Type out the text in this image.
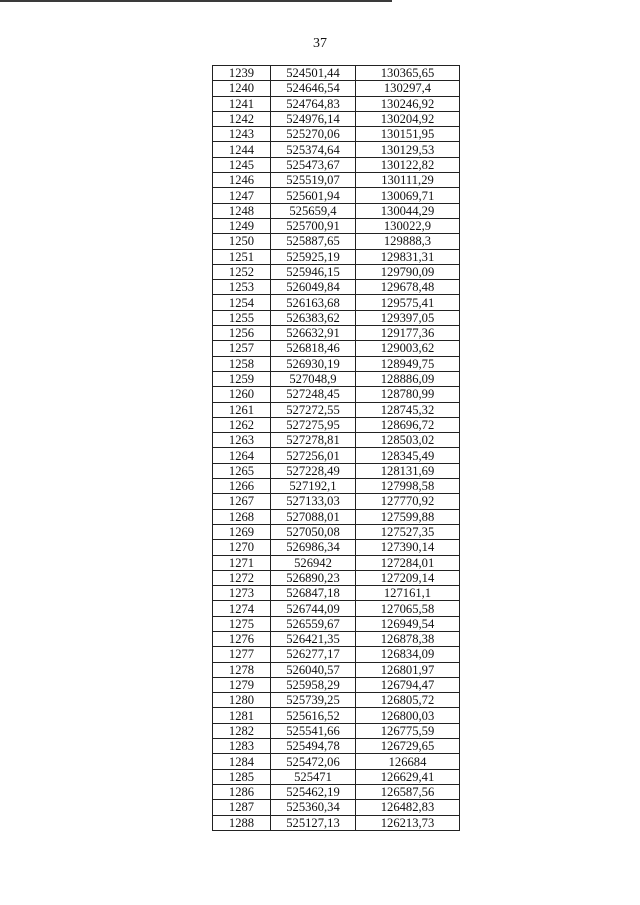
37
1239	524501,44	130365,65
1240	524646,54	130297,4
1241	524764,83	130246,92
1242	524976,14	130204,92
1243	525270,06	130151,95
1244	525374,64	130129,53
1245	525473,67	130122,82
1246	525519,07	130111,29
1247	525601,94	130069,71
1248	525659,4	130044,29
1249	525700,91	130022,9
1250	525887,65	129888,3
1251	525925,19	129831,31
1252	525946,15	129790,09
1253	526049,84	129678,48
1254	526163,68	129575,41
1255	526383,62	129397,05
1256	526632,91	129177,36
1257	526818,46	129003,62
1258	526930,19	128949,75
1259	527048,9	128886,09
1260	527248,45	128780,99
1261	527272,55	128745,32
1262	527275,95	128696,72
1263	527278,81	128503,02
1264	527256,01	128345,49
1265	527228,49	128131,69
1266	527192,1	127998,58
1267	527133,03	127770,92
1268	527088,01	127599,88
1269	527050,08	127527,35
1270	526986,34	127390,14
1271	526942	127284,01
1272	526890,23	127209,14
1273	526847,18	127161,1
1274	526744,09	127065,58
1275	526559,67	126949,54
1276	526421,35	126878,38
1277	526277,17	126834,09
1278	526040,57	126801,97
1279	525958,29	126794,47
1280	525739,25	126805,72
1281	525616,52	126800,03
1282	525541,66	126775,59
1283	525494,78	126729,65
1284	525472,06	126684
1285	525471	126629,41
1286	525462,19	126587,56
1287	525360,34	126482,83
1288	525127,13	126213,73
